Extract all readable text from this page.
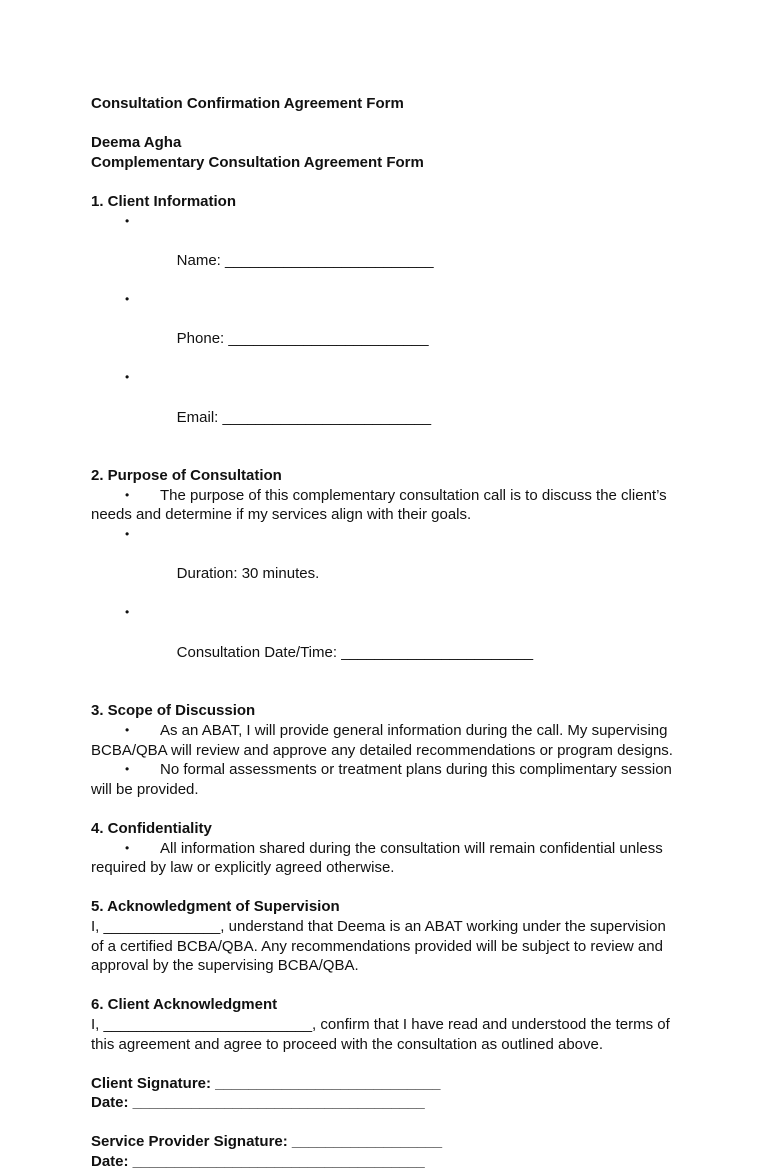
Consultation Confirmation Agreement Form
Deema Agha
Complementary Consultation Agreement Form
1. Client Information

•

Name: _________________________

•

Phone: ________________________

•

Email: _________________________

2. Purpose of Consultation
• The purpose of this complementary consultation call is to discuss the client’s needs and determine if my services align with their goals.

•

Duration: 30 minutes.

•

Consultation Date/Time: _______________________

3. Scope of Discussion
• As an ABAT, I will provide general information during the call. My supervising BCBA/QBA will review and approve any detailed recommendations or program designs.
• No formal assessments or treatment plans during this complimentary session will be provided.
4. Confidentiality
• All information shared during the consultation will remain confidential unless required by law or explicitly agreed otherwise.
5. Acknowledgment of Supervision
I, ______________, understand that Deema is an ABAT working under the supervision of a certified BCBA/QBA. Any recommendations provided will be subject to review and approval by the supervising BCBA/QBA.
6. Client Acknowledgment
I, _________________________, confirm that I have read and understood the terms of this agreement and agree to proceed with the consultation as outlined above.
Client Signature: ___________________________
Date: ___________________________________
Service Provider Signature: __________________
Date: ___________________________________
